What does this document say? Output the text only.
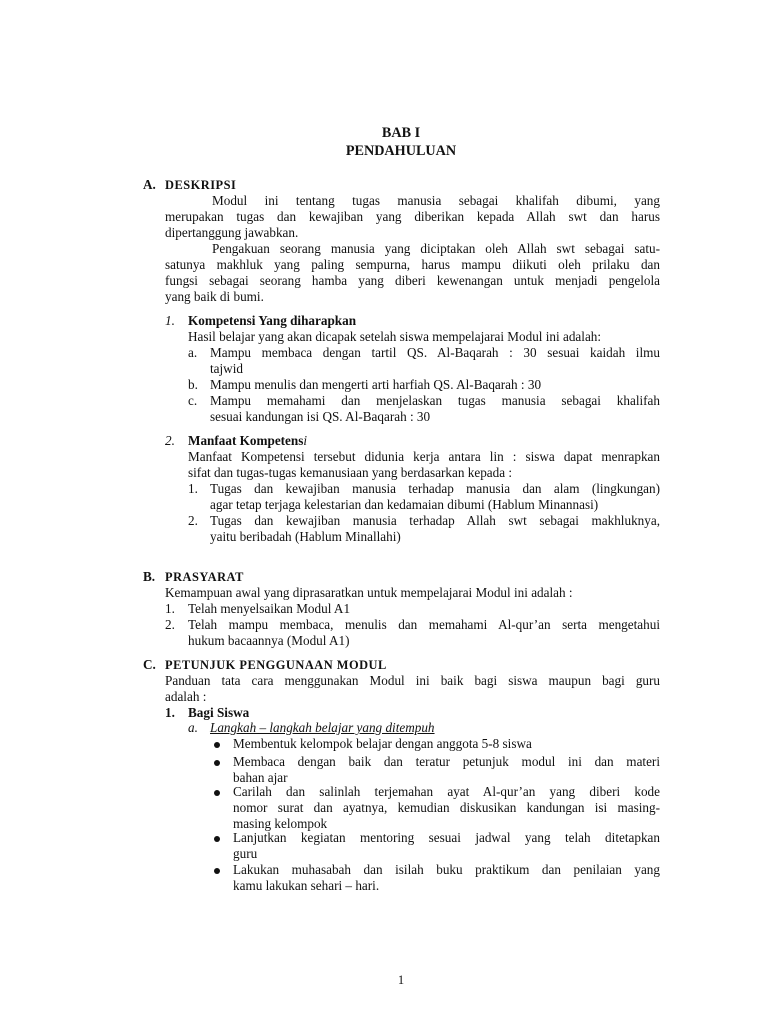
BAB I
PENDAHULUAN
A. DESKRIPSI
Modul ini tentang tugas manusia sebagai khalifah dibumi, yang
merupakan tugas dan kewajiban yang diberikan kepada Allah swt dan harus
dipertanggung jawabkan.
Pengakuan seorang manusia yang diciptakan oleh Allah swt sebagai satu-
satunya makhluk yang paling sempurna, harus mampu diikuti oleh prilaku dan
fungsi sebagai seorang hamba yang diberi kewenangan untuk menjadi pengelola
yang baik di bumi.
1. Kompetensi Yang diharapkan
Hasil belajar yang akan dicapak setelah siswa mempelajarai Modul ini adalah:
a. Mampu membaca dengan tartil QS. Al-Baqarah : 30 sesuai kaidah ilmu
tajwid
b. Mampu menulis dan mengerti arti harfiah QS. Al-Baqarah : 30
c. Mampu memahami dan menjelaskan tugas manusia sebagai khalifah
sesuai kandungan isi QS. Al-Baqarah : 30
2. Manfaat Kompetensi
Manfaat Kompetensi tersebut didunia kerja antara lin : siswa dapat menrapkan
sifat dan tugas-tugas kemanusiaan yang berdasarkan kepada :
1. Tugas dan kewajiban manusia terhadap manusia dan alam (lingkungan)
agar tetap terjaga kelestarian dan kedamaian dibumi (Hablum Minannasi)
2. Tugas dan kewajiban manusia terhadap Allah swt sebagai makhluknya,
yaitu beribadah (Hablum Minallahi)
B. PRASYARAT
Kemampuan awal yang diprasaratkan untuk mempelajarai Modul ini adalah :
1. Telah menyelsaikan Modul A1
2. Telah mampu membaca, menulis dan memahami Al-qur’an serta mengetahui
hukum bacaannya (Modul A1)
C. PETUNJUK PENGGUNAAN MODUL
Panduan tata cara menggunakan Modul ini baik bagi siswa maupun bagi guru
adalah :
1. Bagi Siswa
a. Langkah – langkah belajar yang ditempuh
Membentuk kelompok belajar dengan anggota 5-8 siswa
Membaca dengan baik dan teratur petunjuk modul ini dan materi
bahan ajar
Carilah dan salinlah terjemahan ayat Al-qur’an yang diberi kode
nomor surat dan ayatnya, kemudian diskusikan kandungan isi masing-
masing kelompok
Lanjutkan kegiatan mentoring sesuai jadwal yang telah ditetapkan
guru
Lakukan muhasabah dan isilah buku praktikum dan penilaian yang
kamu lakukan sehari – hari.
1
